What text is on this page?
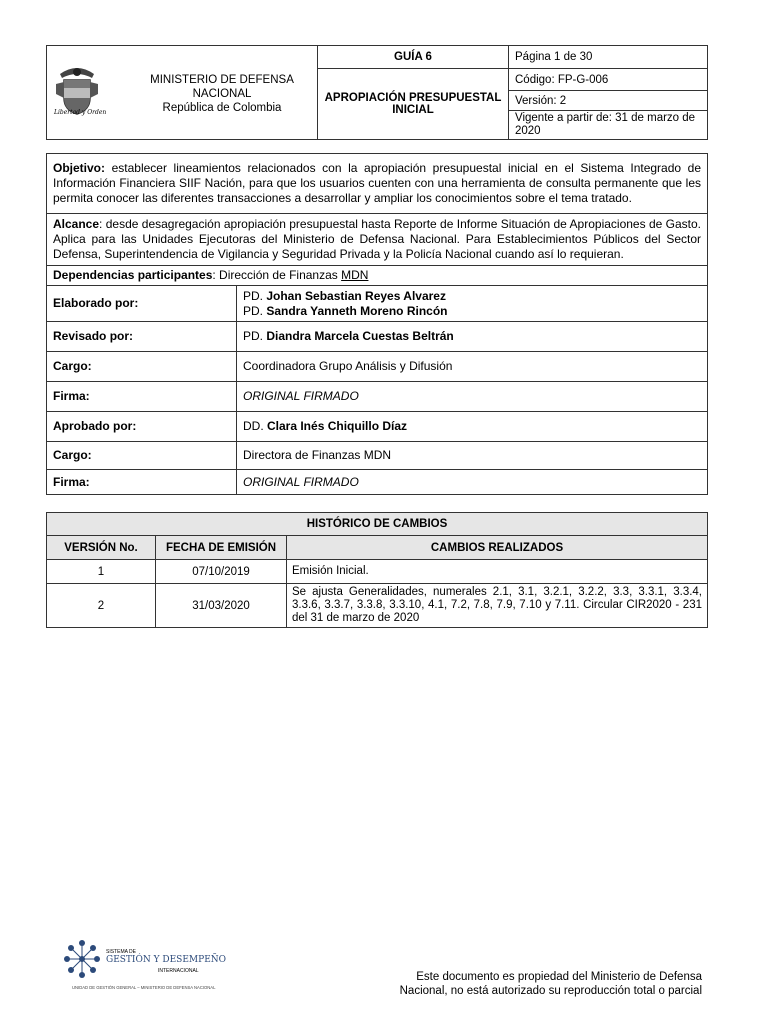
Libertad y Orden
MINISTERIO DE DEFENSA NACIONAL
República de Colombia	GUÍA 6	Página 1 de 30
	APROPIACIÓN PRESUPUESTAL INICIAL	Código: FP-G-006
		Versión: 2
		Vigente a partir de: 31 de marzo de 2020
Objetivo: establecer lineamientos relacionados con la apropiación presupuestal inicial en el Sistema Integrado de Información Financiera SIIF Nación, para que los usuarios cuenten con una herramienta de consulta permanente que les permita conocer las diferentes transacciones a desarrollar y ampliar los conocimientos sobre el tema tratado.	
Alcance: desde desagregación apropiación presupuestal hasta Reporte de Informe Situación de Apropiaciones de Gasto. Aplica para las Unidades Ejecutoras del Ministerio de Defensa Nacional. Para Establecimientos Públicos del Sector Defensa, Superintendencia de Vigilancia y Seguridad Privada y la Policía Nacional cuando así lo requieran.	
Dependencias participantes: Dirección de Finanzas MDN	
Elaborado por:	PD. Johan Sebastian Reyes Alvarez
PD. Sandra Yanneth Moreno Rincón

Revisado por:	PD. Diandra Marcela Cuestas Beltrán
Cargo:	Coordinadora Grupo Análisis y Difusión
Firma:	ORIGINAL FIRMADO
Aprobado por:	DD. Clara Inés Chiquillo Díaz
Cargo:	Directora de Finanzas MDN
Firma:	ORIGINAL FIRMADO
HISTÓRICO DE CAMBIOS		
VERSIÓN No.	FECHA DE EMISIÓN	CAMBIOS REALIZADOS
1	07/10/2019	Emisión Inicial.
2	31/03/2020	Se ajusta Generalidades, numerales 2.1, 3.1, 3.2.1, 3.2.2, 3.3, 3.3.1, 3.3.4, 3.3.6, 3.3.7, 3.3.8, 3.3.10, 4.1, 7.2, 7.8, 7.9, 7.10 y 7.11. Circular CIR2020 - 231 del 31 de marzo de 2020
SISTEMA DE
GESTIÓN Y DESEMPEÑO
INTERNACIONAL
UNIDAD DE GESTIÓN GENERAL – MINISTERIO DE DEFENSA NACIONAL
Este documento es propiedad del Ministerio de Defensa Nacional, no está autorizado su reproducción total o parcial
